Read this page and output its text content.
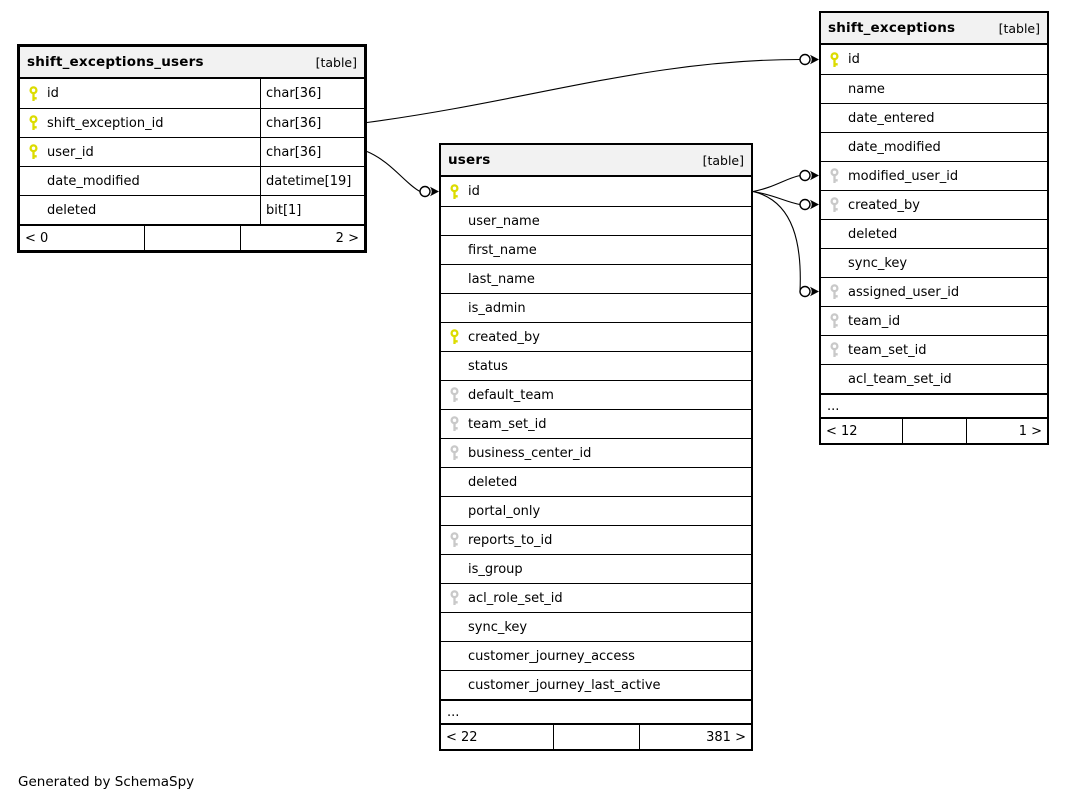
Generated by SchemaSpy
shift_exceptions_users	[table]
id	char[36]
shift_exception_id	char[36]
user_id	char[36]
date_modified	datetime[19]
deleted	bit[1]
< 0	2 >
users	[table]
id
user_name
first_name
last_name
is_admin
created_by
status
default_team
team_set_id
business_center_id
deleted
portal_only
reports_to_id
is_group
acl_role_set_id
sync_key
customer_journey_access
customer_journey_last_active
...
< 22	381 >
shift_exceptions	[table]
id
name
date_entered
date_modified
modified_user_id
created_by
deleted
sync_key
assigned_user_id
team_id
team_set_id
acl_team_set_id
...
< 12	1 >
